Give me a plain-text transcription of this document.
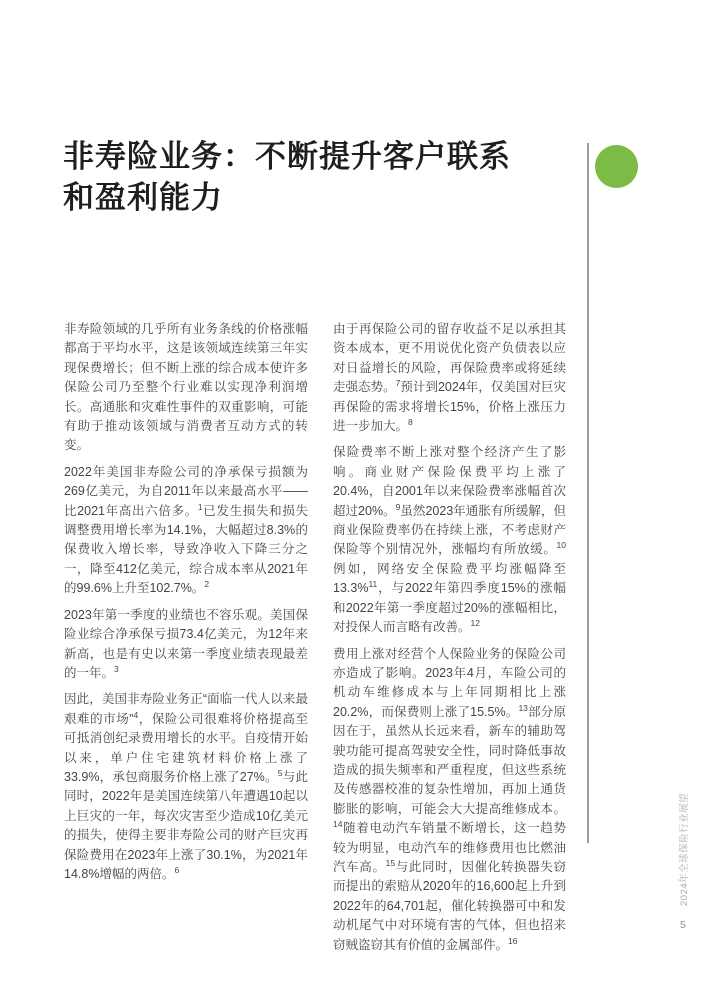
非寿险业务：不断提升客户联系
和盈利能力

非寿险领域的几乎所有业务条线的价格涨幅都高于平均水平，这是该领域连续第三年实现保费增长；但不断上涨的综合成本使许多保险公司乃至整个行业难以实现净利润增长。高通胀和灾难性事件的双重影响，可能有助于推动该领域与消费者互动方式的转变。

2022年美国非寿险公司的净承保亏损额为269亿美元，为自2011年以来最高水平——比2021年高出六倍多。$^1$已发生损失和损失调整费用增长率为14.1%，大幅超过8.3%的保费收入增长率，导致净收入下降三分之一，降至412亿美元，综合成本率从2021年的99.6%上升至102.7%。$^2$

2023年第一季度的业绩也不容乐观。美国保险业综合净承保亏损73.4亿美元，为12年来新高，也是有史以来第一季度业绩表现最差的一年。$^3$

因此，美国非寿险业务正“面临一代人以来最艰难的市场”$^4$，保险公司很难将价格提高至可抵消创纪录费用增长的水平。自疫情开始以来，单户住宅建筑材料价格上涨了33.9%，承包商服务价格上涨了27%。$^5$与此同时，2022年是美国连续第八年遭遇10起以上巨灾的一年，每次灾害至少造成10亿美元的损失，使得主要非寿险公司的财产巨灾再保险费用在2023年上涨了30.1%，为2021年14.8%增幅的两倍。$^6$

由于再保险公司的留存收益不足以承担其资本成本，更不用说优化资产负债表以应对日益增长的风险，再保险费率或将延续走强态势。$^7$预计到2024年，仅美国对巨灾再保险的需求将增长15%，价格上涨压力进一步加大。$^8$

保险费率不断上涨对整个经济产生了影响。商业财产保险保费平均上涨了20.4%，自2001年以来保险费率涨幅首次超过20%。$^9$虽然2023年通胀有所缓解，但商业保险费率仍在持续上涨，不考虑财产保险等个别情况外，涨幅均有所放缓。$^{10}$例如，网络安全保险费平均涨幅降至13.3%$^{11}$，与2022年第四季度15%的涨幅和2022年第一季度超过20%的涨幅相比，对投保人而言略有改善。$^{12}$

费用上涨对经营个人保险业务的保险公司亦造成了影响。2023年4月，车险公司的机动车维修成本与上年同期相比上涨20.2%，而保费则上涨了15.5%。$^{13}$部分原因在于，虽然从长远来看，新车的辅助驾驶功能可提高驾驶安全性，同时降低事故造成的损失频率和严重程度，但这些系统及传感器校准的复杂性增加，再加上通货膨胀的影响，可能会大大提高维修成本。$^{14}$随着电动汽车销量不断增长，这一趋势较为明显，电动汽车的维修费用也比燃油汽车高。$^{15}$与此同时，因催化转换器失窃而提出的索赔从2020年的16,600起上升到2022年的64,701起，催化转换器可中和发动机尾气中对环境有害的气体，但也招来窃贼盗窃其有价值的金属部件。$^{16}$

2024年全球保险行业展望
5
